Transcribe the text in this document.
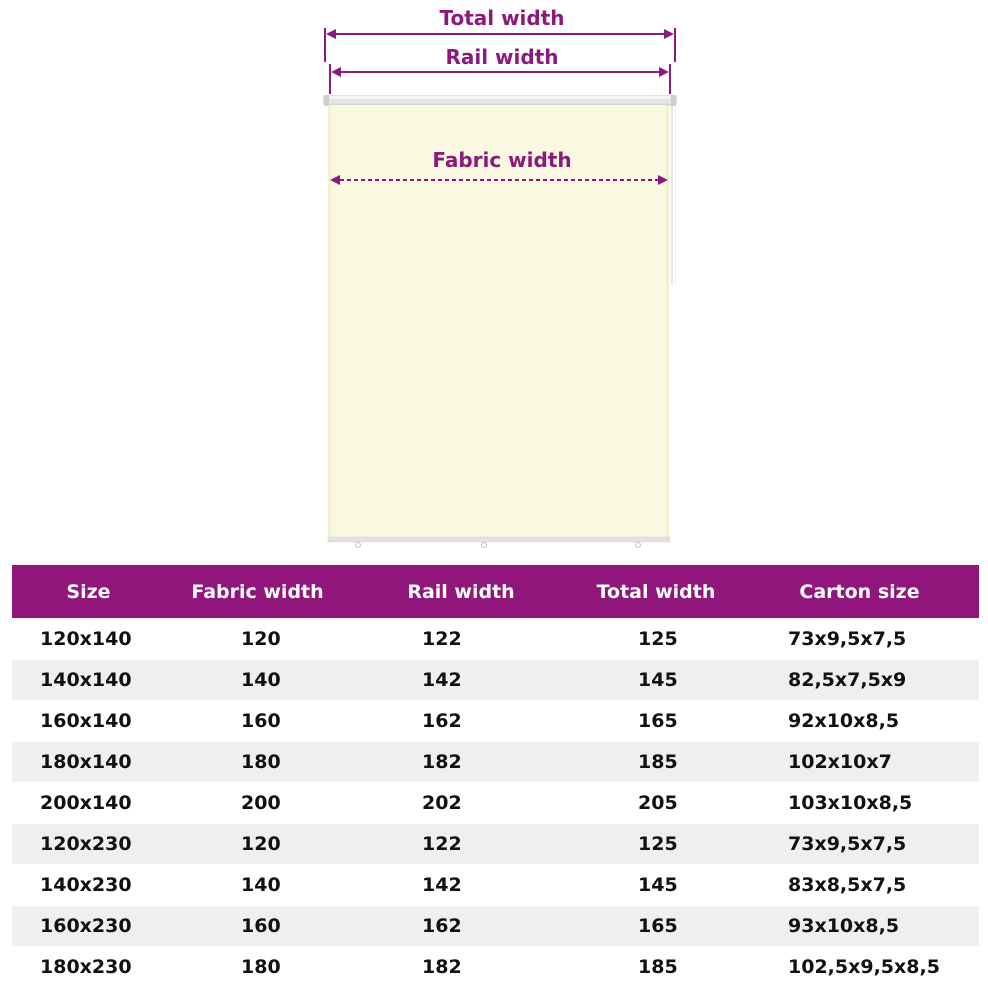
Total width
Rail width
Fabric width
Size	Fabric width	Rail width	Total width	Carton size
120x140	120	122	125	73x9,5x7,5
140x140	140	142	145	82,5x7,5x9
160x140	160	162	165	92x10x8,5
180x140	180	182	185	102x10x7
200x140	200	202	205	103x10x8,5
120x230	120	122	125	73x9,5x7,5
140x230	140	142	145	83x8,5x7,5
160x230	160	162	165	93x10x8,5
180x230	180	182	185	102,5x9,5x8,5
